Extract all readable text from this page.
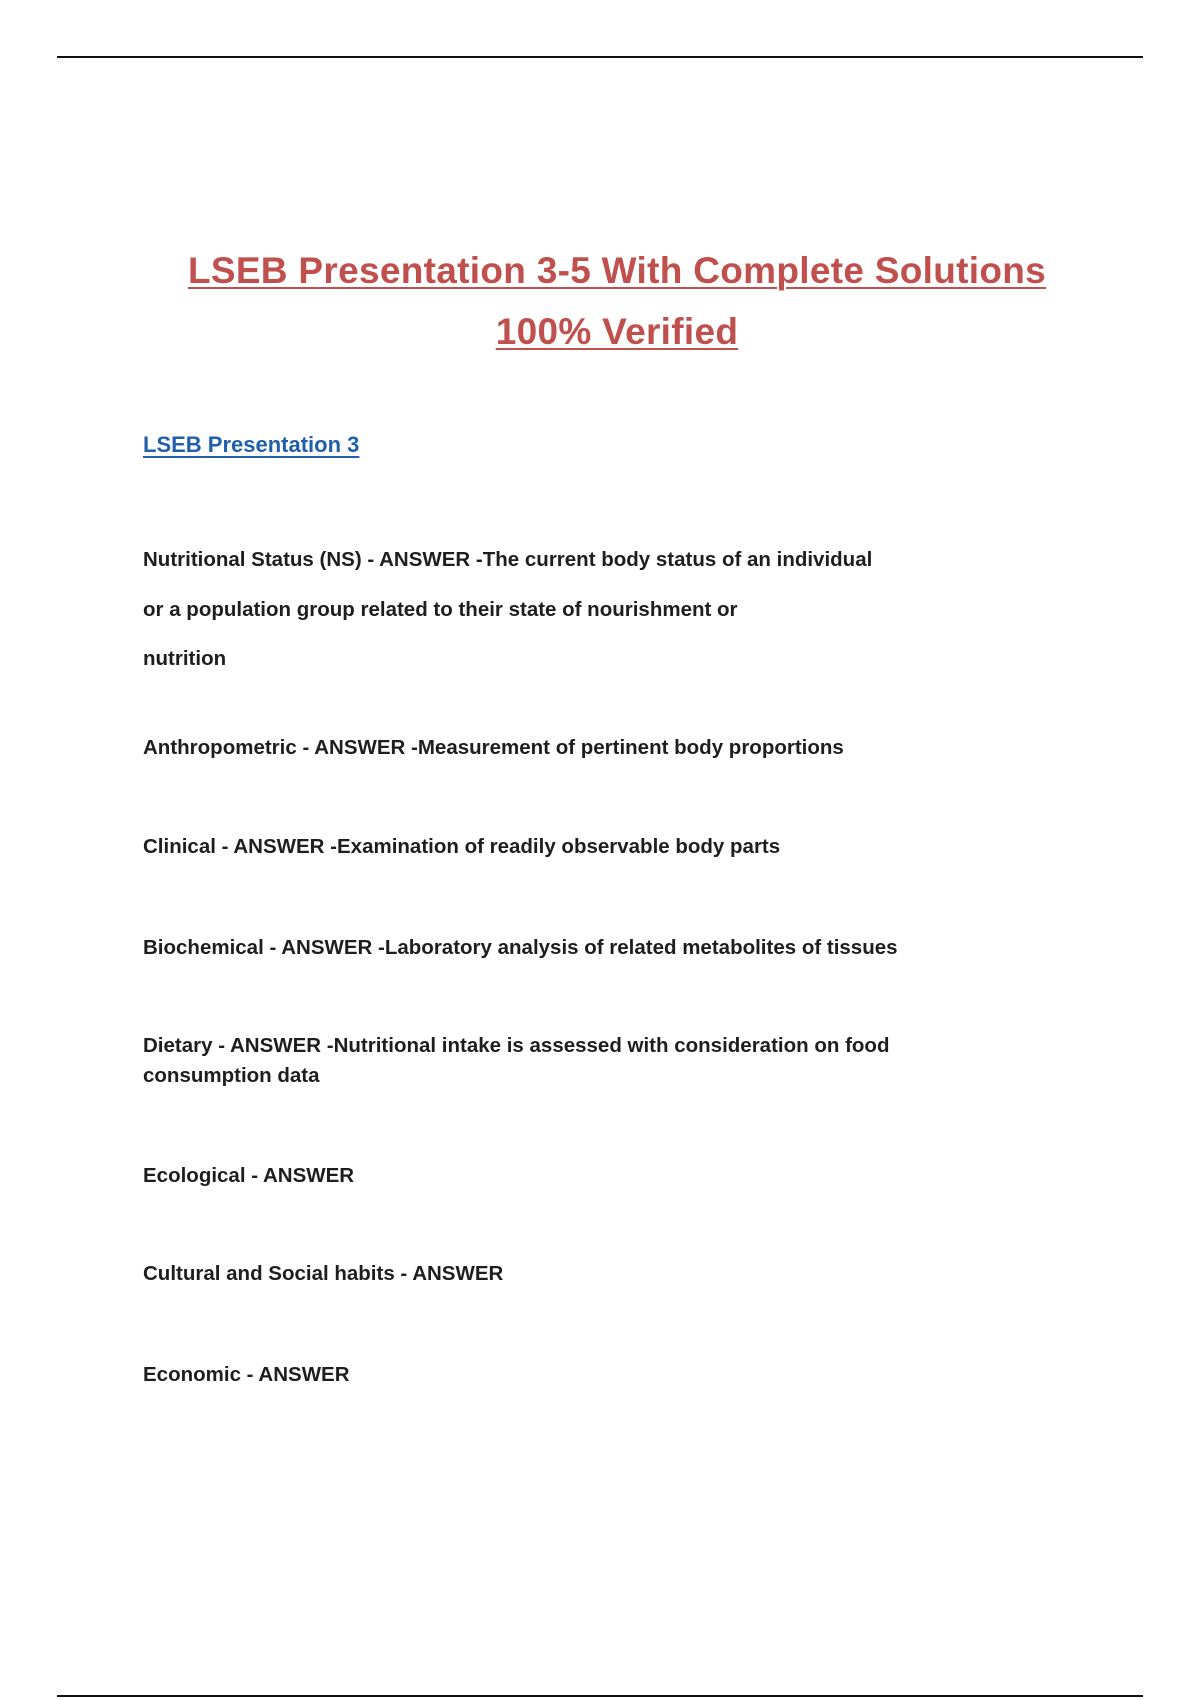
LSEB Presentation 3-5 With Complete Solutions
100% Verified
LSEB Presentation 3
Nutritional Status (NS) - ANSWER -The current body status of an individual
or a population group related to their state of nourishment or
nutrition
Anthropometric - ANSWER -Measurement of pertinent body proportions
Clinical - ANSWER -Examination of readily observable body parts
Biochemical - ANSWER -Laboratory analysis of related metabolites of tissues
Dietary - ANSWER -Nutritional intake is assessed with consideration on food consumption data
Ecological - ANSWER
Cultural and Social habits - ANSWER
Economic - ANSWER
